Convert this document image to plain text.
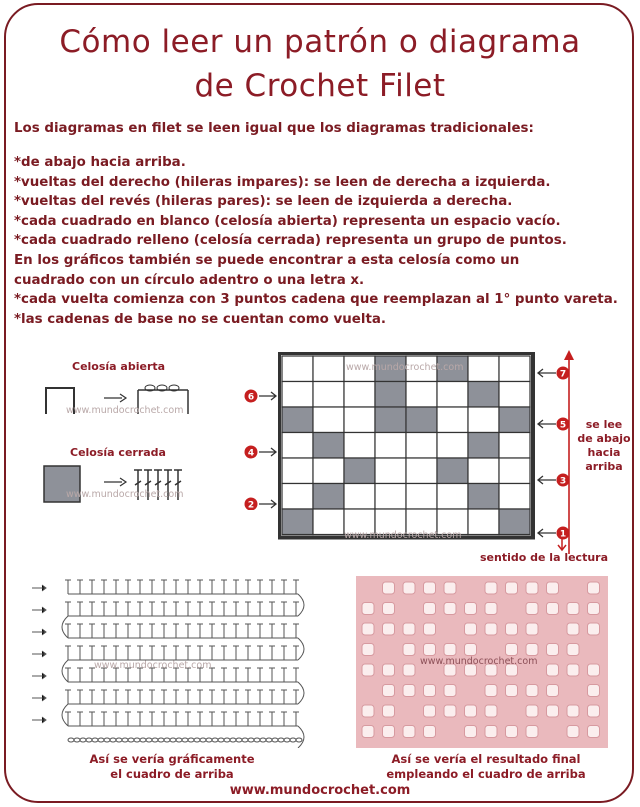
Cómo leer un patrón o diagrama
de Crochet Filet
Los diagramas en filet se leen igual que los diagramas tradicionales:
*de abajo hacia arriba.
*vueltas del derecho (hileras impares): se leen de derecha a izquierda.
*vueltas del revés (hileras pares): se leen de izquierda a derecha.
*cada cuadrado en blanco (celosía abierta) representa un espacio vacío.
*cada cuadrado relleno (celosía cerrada) representa un grupo de puntos.
En los gráficos también se puede encontrar a esta celosía como un
cuadrado con un círculo adentro o una letra x.
*cada vuelta comienza con 3 puntos cadena que reemplazan al 1° punto vareta.
*las cadenas de base no se cuentan como vuelta.
Celosía abierta
www.mundocrochet.com
Celosía cerrada
www.mundocrochet.com
www.mundocrochet.com
www.mundocrochet.com
6
4
2
7
5
3
1
se lee
de abajo
hacia
arriba
sentido de la lectura
www.mundocrochet.com	www.mundocrochet.com
Así se vería gráficamente
el cuadro de arriba
Así se vería el resultado final
empleando el cuadro de arriba
www.mundocrochet.com
